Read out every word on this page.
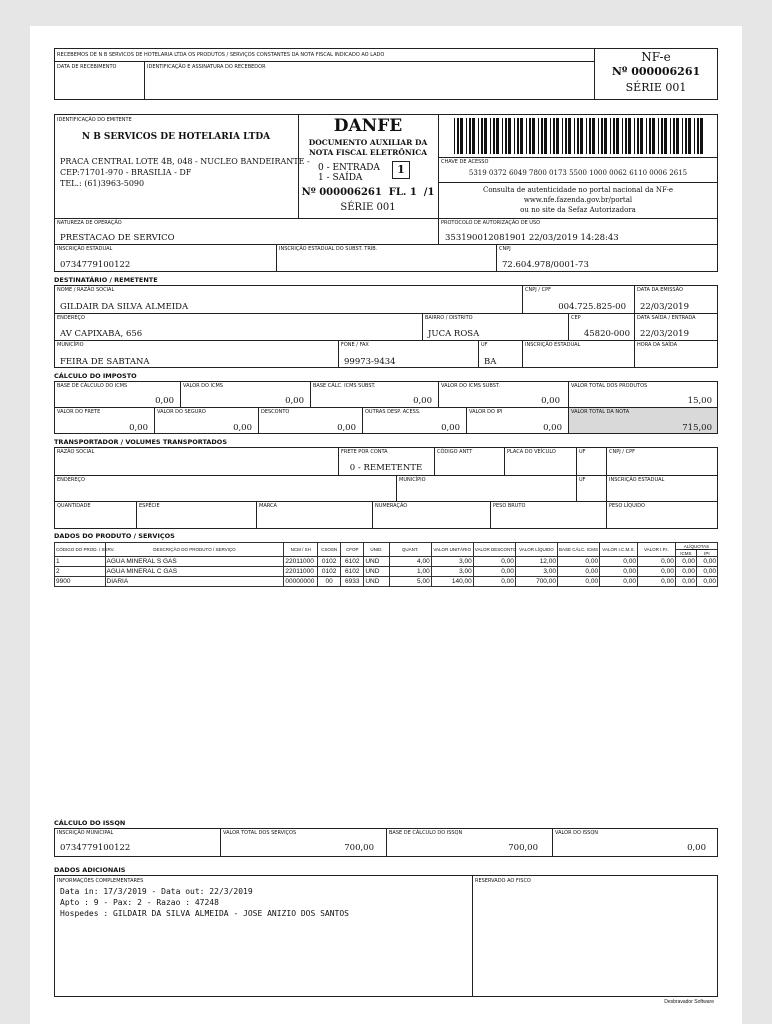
RECEBEMOS DE N B SERVICOS DE HOTELARIA LTDA OS PRODUTOS / SERVIÇOS CONSTANTES DA NOTA FISCAL INDICADO AO LADO
DATA DE RECEBIMENTO	IDENTIFICAÇÃO E ASSINATURA DO RECEBEDOR
NF-e
Nº 000006261
SÉRIE 001
IDENTIFICAÇÃO DO EMITENTE
N B SERVICOS DE HOTELARIA LTDA
PRACA CENTRAL LOTE 4B, 048 - NUCLEO BANDEIRANTE -
CEP:71701-970 - BRASILIA - DF
TEL.: (61)3963-5090
DANFE
DOCUMENTO AUXILIAR DA
NOTA FISCAL ELETRÔNICA
0 - ENTRADA
1 - SAÍDA
1
Nº 000006261  FL. 1  /1
SÉRIE 001
CHAVE DE ACESSO
5319 0372 6049 7800 0173 5500 1000 0062 6110 0006 2615
Consulta de autenticidade no portal nacional da NF-e
www.nfe.fazenda.gov.br/portal
ou no site da Sefaz Autorizadora
NATUREZA DE OPERAÇÃO
PRESTACAO DE SERVICO
PROTOCOLO DE AUTORIZAÇÃO DE USO
353190012081901 22/03/2019 14:28:43
INSCRIÇÃO ESTADUAL
0734779100122
INSCRIÇÃO ESTADUAL DO SUBST. TRIB.	CNPJ
72.604.978/0001-73
DESTINATÁRIO / REMETENTE
NOME / RAZÃO SOCIAL
GILDAIR DA SILVA ALMEIDA
CNPJ / CPF
004.725.825-00
DATA DA EMISSÃO
22/03/2019
ENDEREÇO
AV CAPIXABA, 656
BAIRRO / DISTRITO
JUCA ROSA
CEP
45820-000
DATA SAÍDA / ENTRADA
22/03/2019
MUNICÍPIO
FEIRA DE SABTANA
FONE / FAX
99973-9434
UF
BA
INSCRIÇÃO ESTADUAL	HORA DA SAÍDA
CÁLCULO DO IMPOSTO
BASE DE CÁLCULO DO ICMS
0,00
VALOR DO ICMS
0,00
BASE CÁLC. ICMS SUBST.
0,00
VALOR DO ICMS SUBST.
0,00
VALOR TOTAL DOS PRODUTOS
15,00
VALOR DO FRETE
0,00
VALOR DO SEGURO
0,00
DESCONTO
0,00
OUTRAS DESP. ACESS.
0,00
VALOR DO IPI
0,00
VALOR TOTAL DA NOTA
715,00
TRANSPORTADOR / VOLUMES TRANSPORTADOS
RAZÃO SOCIAL	FRETE POR CONTA
0 - REMETENTE
CÓDIGO ANTT	PLACA DO VEÍCULO	UF	CNPJ / CPF
ENDEREÇO	MUNICÍPIO	UF	INSCRIÇÃO ESTADUAL
QUANTIDADE	ESPÉCIE	MARCA	NUMERAÇÃO	PESO BRUTO	PESO LÍQUIDO
DADOS DO PRODUTO / SERVIÇOS
CÓDIGO DO PROD. / SERV.	DESCRIÇÃO DO PRODUTO / SERVIÇO	NCM / SH	CSOSN	CFOP	UNID.	QUANT.	VALOR UNITÁRIO	VALOR DESCONTO	VALOR LÍQUIDO	BASE CÁLC. ICMS	VALOR I.C.M.S.	VALOR I.P.I.	ALÍQUOTAS	
													ICMS	IPI
1	AGUA MINERAL S GAS	22011000	0102	6102	UND	4,00	3,00	0,00	12,00	0,00	0,00	0,00	0,00	0,00
2	AGUA MINERAL C GAS	22011000	0102	6102	UND	1,00	3,00	0,00	3,00	0,00	0,00	0,00	0,00	0,00
9900	DIARIA	00000000	00	6933	UND	5,00	140,00	0,00	700,00	0,00	0,00	0,00	0,00	0,00
CÁLCULO DO ISSQN
INSCRIÇÃO MUNICIPAL
0734779100122
VALOR TOTAL DOS SERVIÇOS
700,00
BASE DE CÁLCULO DO ISSQN
700,00
VALOR DO ISSQN
0,00
DADOS ADICIONAIS
INFORMAÇÕES COMPLEMENTARES
Data in: 17/3/2019 - Data out: 22/3/2019
Apto : 9 - Pax: 2 - Razao : 47248
Hospedes : GILDAIR DA SILVA ALMEIDA - JOSE ANIZIO DOS SANTOS
RESERVADO AO FISCO
Desbravador Software
